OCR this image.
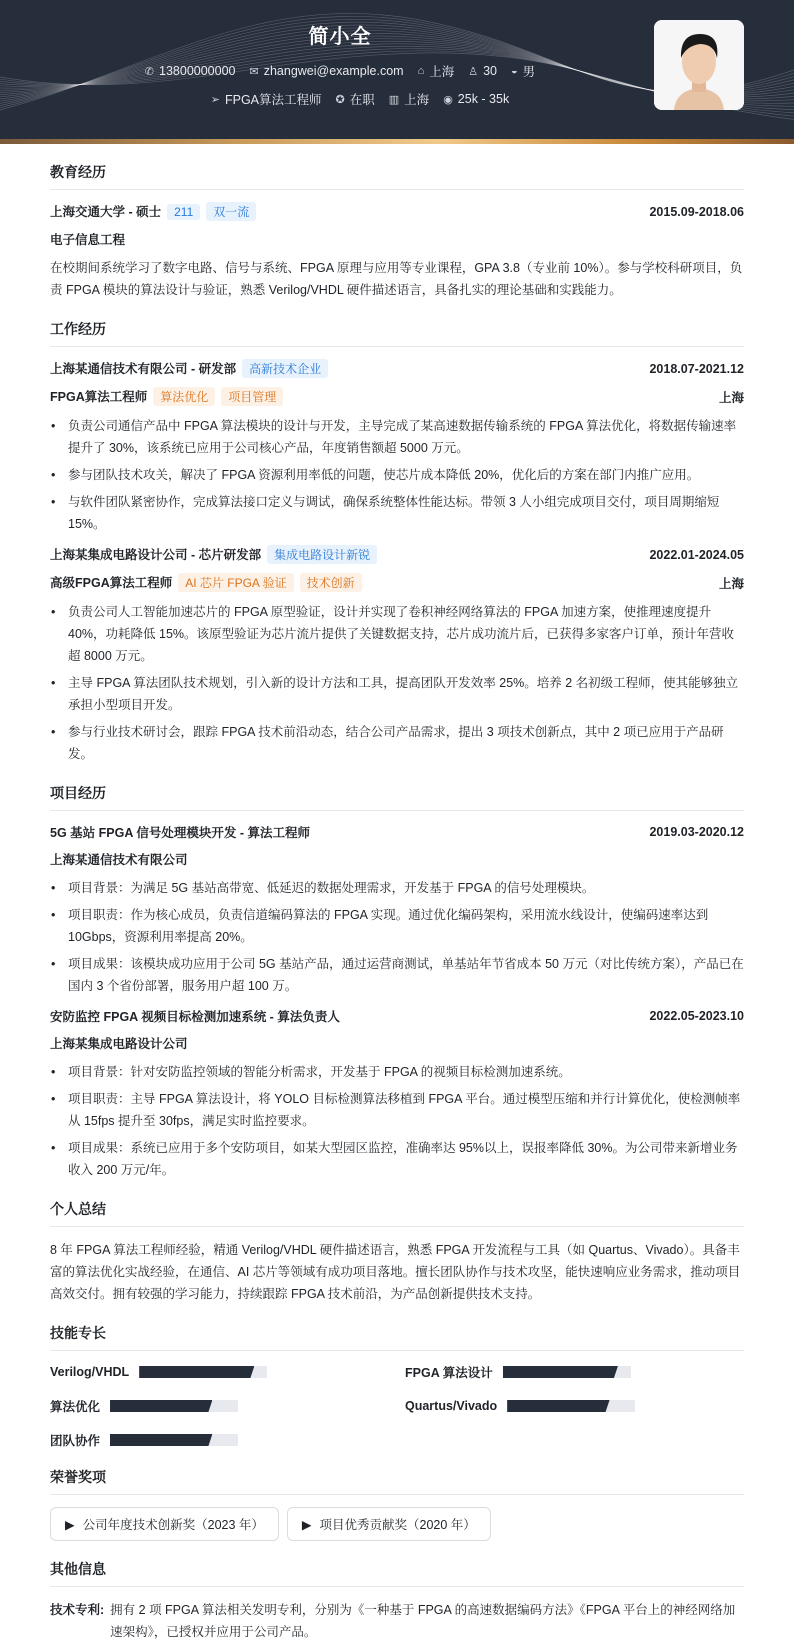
简小全
✆ 13800000000 ✉ zhangwei@example.com ⌂ 上海 ♙ 30 ◒ 男
➢ FPGA算法工程师 ✪ 在职 ▥ 上海 ◉ 25k - 35k
教育经历
上海交通大学 - 硕士 211 双一流	2015.09-2018.06
电子信息工程

在校期间系统学习了数字电路、信号与系统、FPGA 原理与应用等专业课程，GPA 3.8（专业前 10%）。参与学校科研项目，负责 FPGA 模块的算法设计与验证，熟悉 Verilog/VHDL 硬件描述语言，具备扎实的理论基础和实践能力。

工作经历
上海某通信技术有限公司 - 研发部 高新技术企业	2018.07-2021.12
FPGA算法工程师 算法优化 项目管理	上海
• 负责公司通信产品中 FPGA 算法模块的设计与开发，主导完成了某高速数据传输系统的 FPGA 算法优化，将数据传输速率提升了 30%，该系统已应用于公司核心产品，年度销售额超 5000 万元。
• 参与团队技术攻关，解决了 FPGA 资源利用率低的问题，使芯片成本降低 20%，优化后的方案在部门内推广应用。
• 与软件团队紧密协作，完成算法接口定义与调试，确保系统整体性能达标。带领 3 人小组完成项目交付，项目周期缩短 15%。
上海某集成电路设计公司 - 芯片研发部 集成电路设计新锐	2022.01-2024.05
高级FPGA算法工程师 AI 芯片 FPGA 验证 技术创新	上海
• 负责公司人工智能加速芯片的 FPGA 原型验证，设计并实现了卷积神经网络算法的 FPGA 加速方案，使推理速度提升 40%，功耗降低 15%。该原型验证为芯片流片提供了关键数据支持，芯片成功流片后，已获得多家客户订单，预计年营收超 8000 万元。
• 主导 FPGA 算法团队技术规划，引入新的设计方法和工具，提高团队开发效率 25%。培养 2 名初级工程师，使其能够独立承担小型项目开发。
• 参与行业技术研讨会，跟踪 FPGA 技术前沿动态，结合公司产品需求，提出 3 项技术创新点，其中 2 项已应用于产品研发。
项目经历
5G 基站 FPGA 信号处理模块开发 - 算法工程师	2019.03-2020.12
上海某通信技术有限公司
• 项目背景：为满足 5G 基站高带宽、低延迟的数据处理需求，开发基于 FPGA 的信号处理模块。
• 项目职责：作为核心成员，负责信道编码算法的 FPGA 实现。通过优化编码架构，采用流水线设计，使编码速率达到 10Gbps，资源利用率提高 20%。
• 项目成果：该模块成功应用于公司 5G 基站产品，通过运营商测试，单基站年节省成本 50 万元（对比传统方案），产品已在国内 3 个省份部署，服务用户超 100 万。
安防监控 FPGA 视频目标检测加速系统 - 算法负责人	2022.05-2023.10
上海某集成电路设计公司
• 项目背景：针对安防监控领域的智能分析需求，开发基于 FPGA 的视频目标检测加速系统。
• 项目职责：主导 FPGA 算法设计，将 YOLO 目标检测算法移植到 FPGA 平台。通过模型压缩和并行计算优化，使检测帧率从 15fps 提升至 30fps，满足实时监控要求。
• 项目成果：系统已应用于多个安防项目，如某大型园区监控，准确率达 95%以上，误报率降低 30%。为公司带来新增业务收入 200 万元/年。
个人总结

8 年 FPGA 算法工程师经验，精通 Verilog/VHDL 硬件描述语言，熟悉 FPGA 开发流程与工具（如 Quartus、Vivado）。具备丰富的算法优化实战经验，在通信、AI 芯片等领域有成功项目落地。擅长团队协作与技术攻坚，能快速响应业务需求，推动项目高效交付。拥有较强的学习能力，持续跟踪 FPGA 技术前沿，为产品创新提供技术支持。

技能专长
Verilog/VHDL	FPGA 算法设计
算法优化	Quartus/Vivado
团队协作
荣誉奖项
▶ 公司年度技术创新奖（2023 年）	▶ 项目优秀贡献奖（2020 年）
其他信息
技术专利: 拥有 2 项 FPGA 算法相关发明专利，分别为《一种基于 FPGA 的高速数据编码方法》《FPGA 平台上的神经网络加速架构》，已授权并应用于公司产品。
